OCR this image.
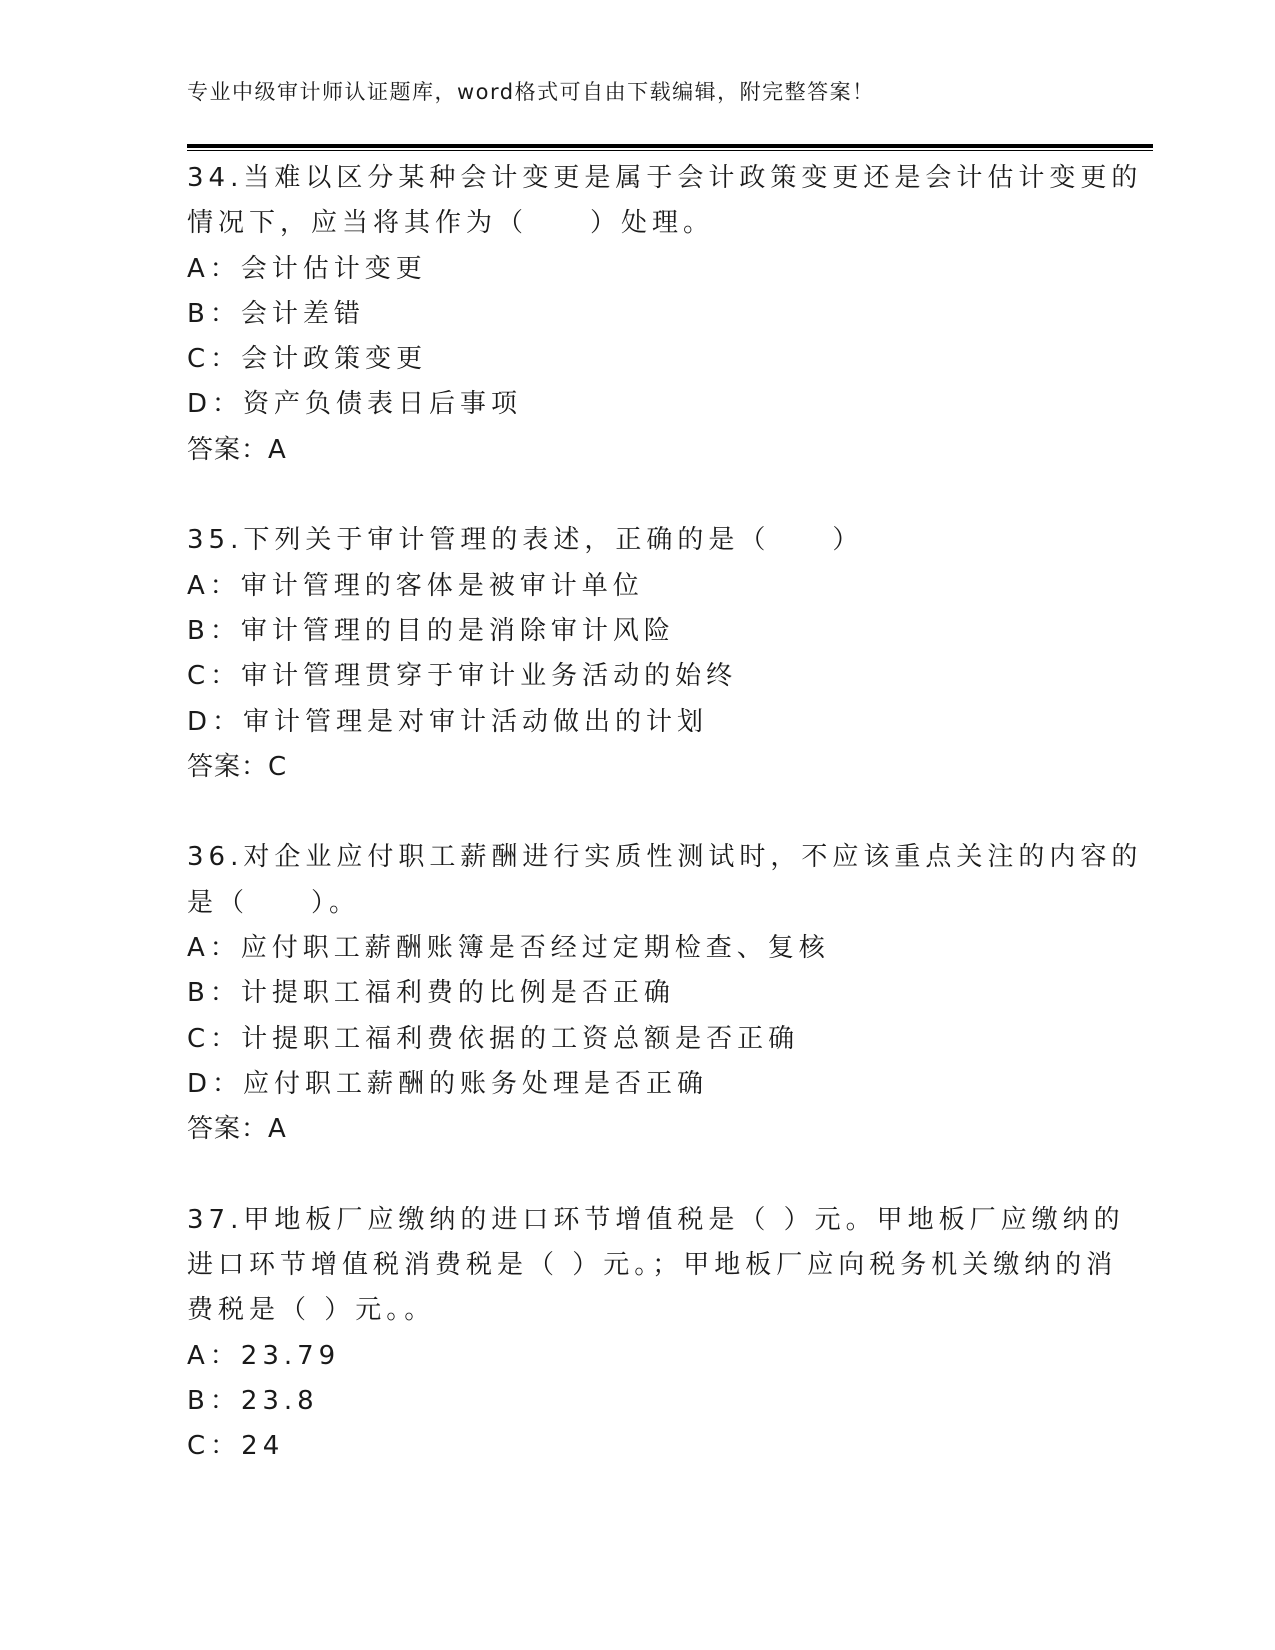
专业中级审计师认证题库，word格式可自由下载编辑，附完整答案！
34.当难以区分某种会计变更是属于会计政策变更还是会计估计变更的
情况下，应当将其作为（　　）处理。
A：会计估计变更
B：会计差错
C：会计政策变更
D：资产负债表日后事项
答案：A
35.下列关于审计管理的表述，正确的是（　　）
A：审计管理的客体是被审计单位
B：审计管理的目的是消除审计风险
C：审计管理贯穿于审计业务活动的始终
D：审计管理是对审计活动做出的计划
答案：C
36.对企业应付职工薪酬进行实质性测试时，不应该重点关注的内容的
是（　　）。
A：应付职工薪酬账簿是否经过定期检查、复核
B：计提职工福利费的比例是否正确
C：计提职工福利费依据的工资总额是否正确
D：应付职工薪酬的账务处理是否正确
答案：A
37.甲地板厂应缴纳的进口环节增值税是（ ）元。甲地板厂应缴纳的
进口环节增值税消费税是（ ）元。；甲地板厂应向税务机关缴纳的消
费税是（ ）元。。
A：23.79
B：23.8
C：24
